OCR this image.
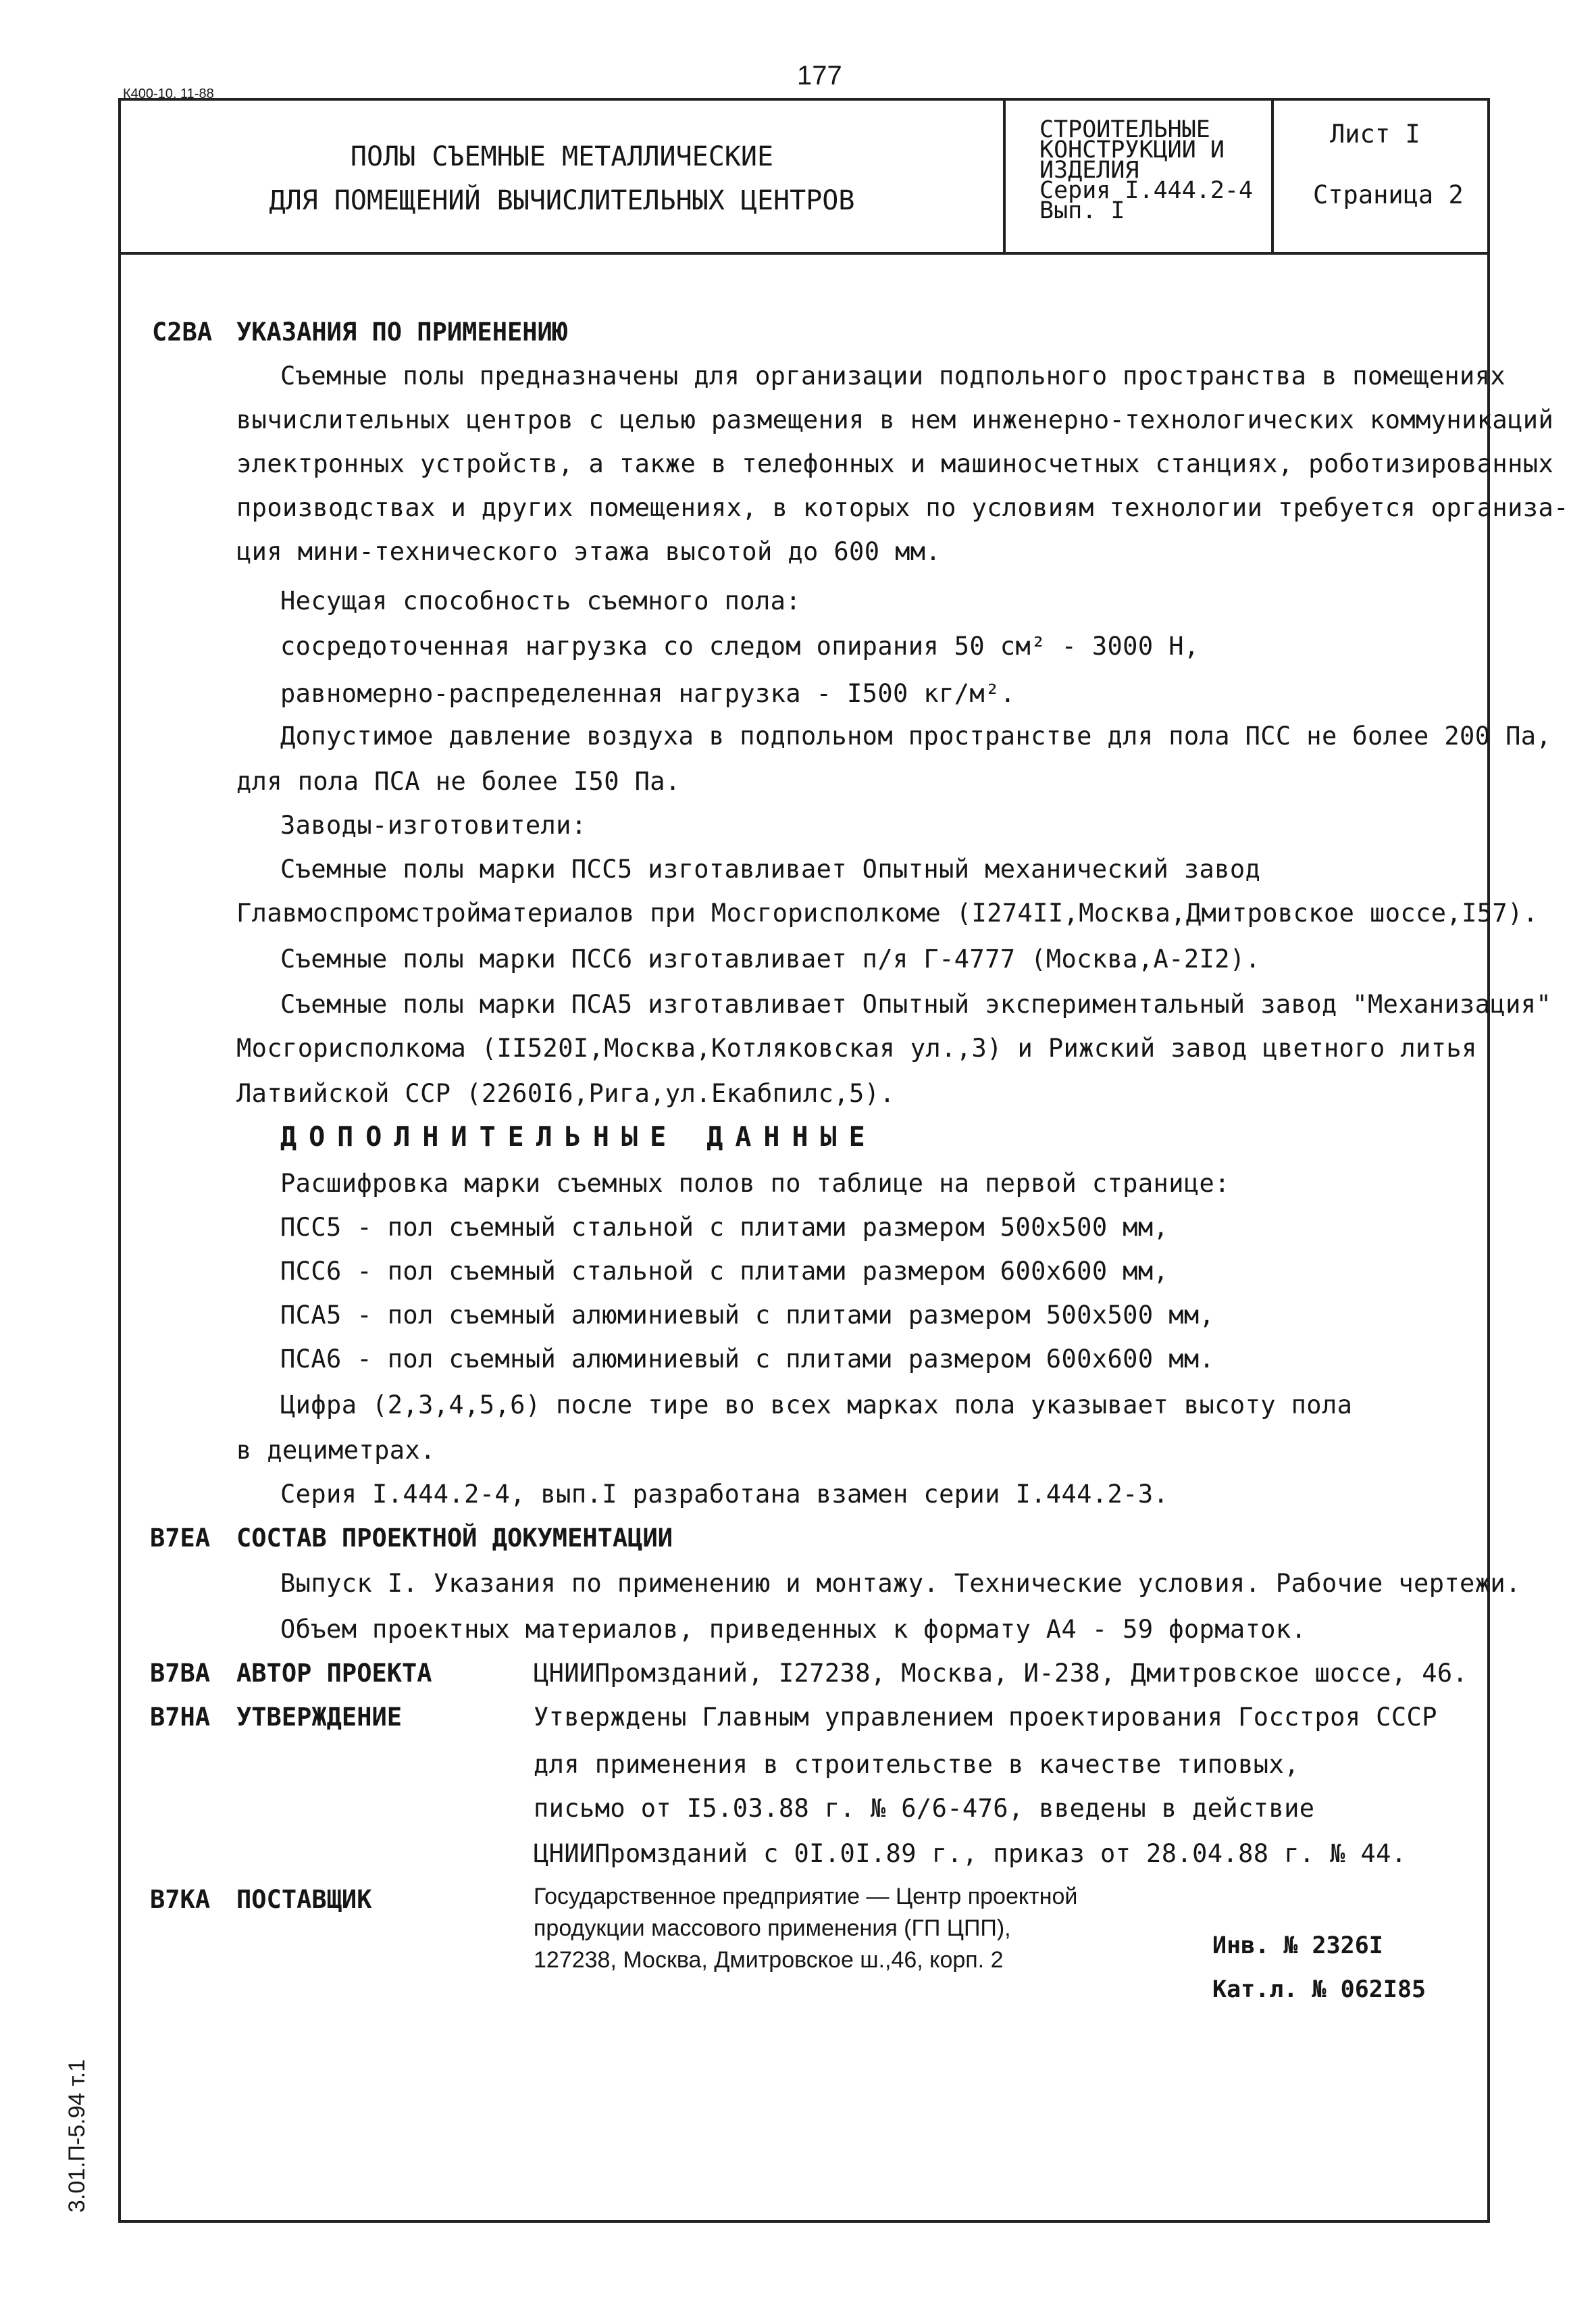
177
К400-10, 11-88
ПОЛЫ СЪЕМНЫЕ МЕТАЛЛИЧЕСКИЕ
ДЛЯ ПОМЕЩЕНИЙ ВЫЧИСЛИТЕЛЬНЫХ ЦЕНТРОВ
СТРОИТЕЛЬНЫЕ
КОНСТРУКЦИИ И
ИЗДЕЛИЯ
Серия I.444.2-4
Вып. I
Лист I
Страница 2
С2ВА УКАЗАНИЯ ПО ПРИМЕНЕНИЮ
Съемные полы предназначены для организации подпольного пространства в помещениях
вычислительных центров с целью размещения в нем инженерно-технологических коммуникаций
электронных устройств, а также в телефонных и машиносчетных станциях, роботизированных
производствах и других помещениях, в которых по условиям технологии требуется организа-
ция мини-технического этажа высотой до 600 мм.
Несущая способность съемного пола:
сосредоточенная нагрузка со следом опирания 50 см² - 3000 Н,
равномерно-распределенная нагрузка - I500 кг/м².
Допустимое давление воздуха в подпольном пространстве для пола ПСС не более 200 Па,
для пола ПСА не более I50 Па.
Заводы-изготовители:
Съемные полы марки ПСС5 изготавливает Опытный механический завод
Главмоспромстройматериалов при Мосгорисполкоме (I274II,Москва,Дмитровское шоссе,I57).
Съемные полы марки ПСС6 изготавливает п/я Г-4777 (Москва,А-2I2).
Съемные полы марки ПСА5 изготавливает Опытный экспериментальный завод "Механизация"
Мосгорисполкома (II520I,Москва,Котляковская ул.,3) и Рижский завод цветного литья
Латвийской ССР (2260I6,Рига,ул.Екабпилс,5).
ДОПОЛНИТЕЛЬНЫЕ ДАННЫЕ
Расшифровка марки съемных полов по таблице на первой странице:
ПСС5 - пол съемный стальной с плитами размером 500х500 мм,
ПСС6 - пол съемный стальной с плитами размером 600х600 мм,
ПСА5 - пол съемный алюминиевый с плитами размером 500х500 мм,
ПСА6 - пол съемный алюминиевый с плитами размером 600х600 мм.
Цифра (2,3,4,5,6) после тире во всех марках пола указывает высоту пола
в дециметрах.
Серия I.444.2-4, вып.I разработана взамен серии I.444.2-3.
В7ЕА СОСТАВ ПРОЕКТНОЙ ДОКУМЕНТАЦИИ
Выпуск I. Указания по применению и монтажу. Технические условия. Рабочие чертежи.
Объем проектных материалов, приведенных к формату А4 - 59 форматок.
В7ВА АВТОР ПРОЕКТА	ЦНИИПромзданий, I27238, Москва, И-238, Дмитровское шоссе, 46.
В7НА УТВЕРЖДЕНИЕ	Утверждены Главным управлением проектирования Госстроя СССР
для применения в строительстве в качестве типовых,
письмо от I5.03.88 г. № 6/6-476, введены в действие
ЦНИИПромзданий с 0I.0I.89 г., приказ от 28.04.88 г. № 44.
В7КА ПОСТАВЩИК	Государственное предприятие — Центр проектной
продукции массового применения (ГП ЦПП),
127238, Москва, Дмитровское ш.,46, корп. 2
Инв. № 2326I
Кат.л. № 062I85
3.01.П-5.94 т.1
